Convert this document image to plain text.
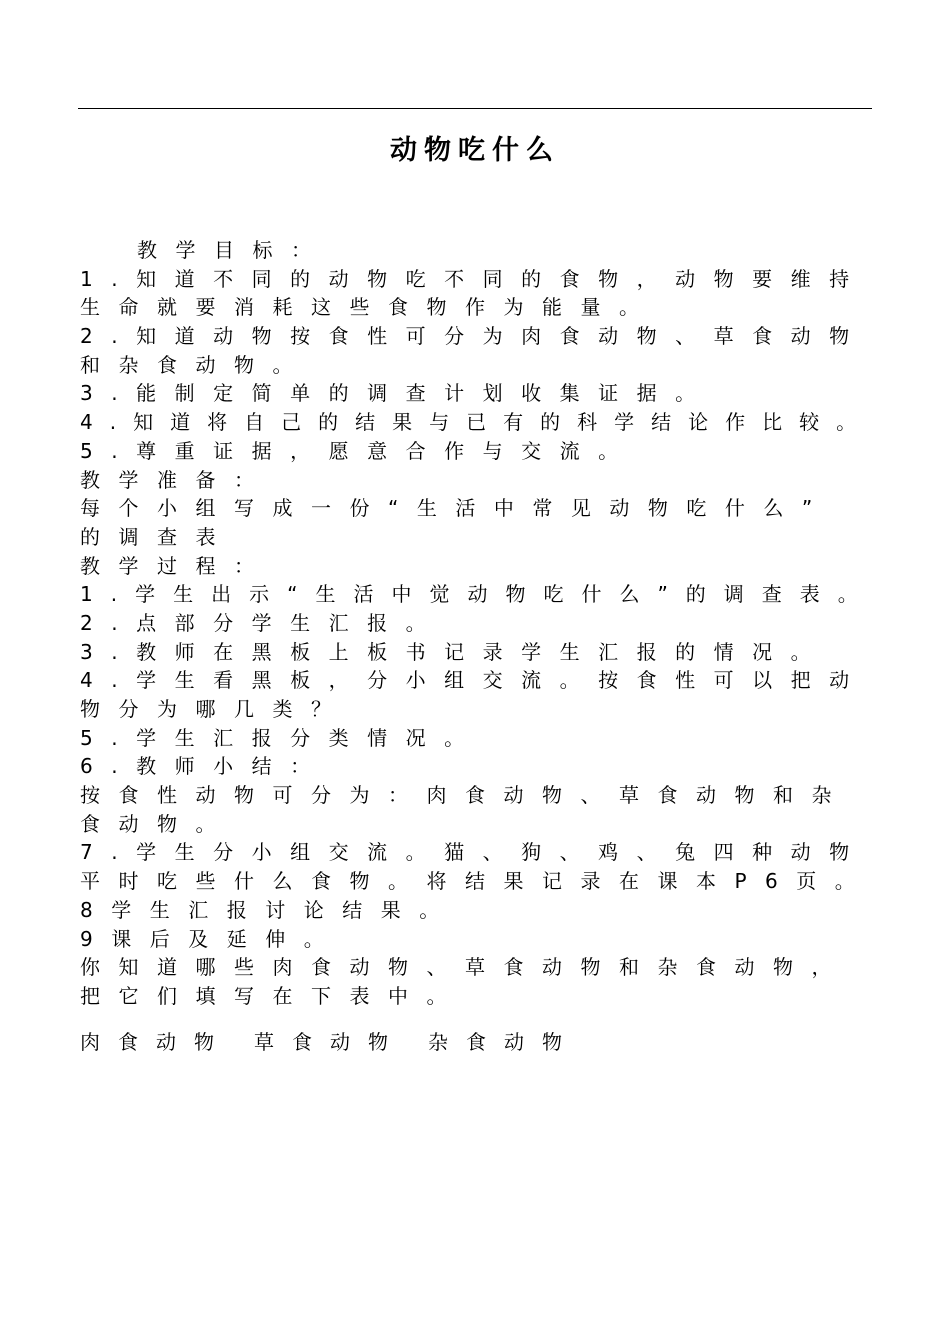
动物吃什么
教学目标：
1.知道不同的动物吃不同的食物，动物要维持
生命就要消耗这些食物作为能量。
2.知道动物按食性可分为肉食动物、草食动物
和杂食动物。
3.能制定简单的调查计划收集证据。
4.知道将自己的结果与已有的科学结论作比较。
5.尊重证据，愿意合作与交流。
教学准备：
每个小组写成一份“生活中常见动物吃什么”
的调查表
教学过程：
1.学生出示“生活中觉动物吃什么”的调查表。
2.点部分学生汇报。
3.教师在黑板上板书记录学生汇报的情况。
4.学生看黑板，分小组交流。按食性可以把动
物分为哪几类？
5.学生汇报分类情况。
6.教师小结：
按食性动物可分为：肉食动物、草食动物和杂
食动物。
7.学生分小组交流。猫、狗、鸡、兔四种动物
平时吃些什么食物。将结果记录在课本P6页。
8学生汇报讨论结果。
9课后及延伸。
你知道哪些肉食动物、草食动物和杂食动物，
把它们填写在下表中。
肉食动物 草食动物 杂食动物
